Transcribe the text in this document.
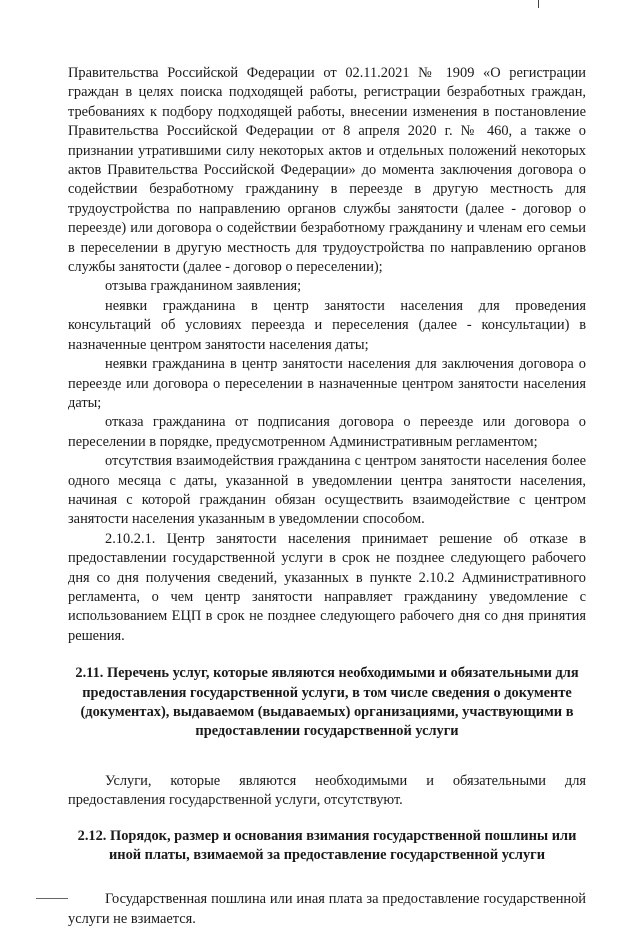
Правительства Российской Федерации от 02.11.2021 № 1909 «О регистрации граждан в целях поиска подходящей работы, регистрации безработных граждан, требованиях к подбору подходящей работы, внесении изменения в постановление Правительства Российской Федерации от 8 апреля 2020 г. № 460, а также о признании утратившими силу некоторых актов и отдельных положений некоторых актов Правительства Российской Федерации» до момента заключения договора о содействии безработному гражданину в переезде в другую местность для трудоустройства по направлению органов службы занятости (далее - договор о переезде) или договора о содействии безработному гражданину и членам его семьи в переселении в другую местность для трудоустройства по направлению органов службы занятости (далее - договор о переселении);

отзыва гражданином заявления;

неявки гражданина в центр занятости населения для проведения консультаций об условиях переезда и переселения (далее - консультации) в назначенные центром занятости населения даты;

неявки гражданина в центр занятости населения для заключения договора о переезде или договора о переселении в назначенные центром занятости населения даты;

отказа гражданина от подписания договора о переезде или договора о переселении в порядке, предусмотренном Административным регламентом;

отсутствия взаимодействия гражданина с центром занятости населения более одного месяца с даты, указанной в уведомлении центра занятости населения, начиная с которой гражданин обязан осуществить взаимодействие с центром занятости населения указанным в уведомлении способом.

2.10.2.1. Центр занятости населения принимает решение об отказе в предоставлении государственной услуги в срок не позднее следующего рабочего дня со дня получения сведений, указанных в пункте 2.10.2 Административного регламента, о чем центр занятости направляет гражданину уведомление с использованием ЕЦП в срок не позднее следующего рабочего дня со дня принятия решения.

2.11. Перечень услуг, которые являются необходимыми и обязательными для предоставления государственной услуги, в том числе сведения о документе (документах), выдаваемом (выдаваемых) организациями, участвующими в предоставлении государственной услуги

Услуги, которые являются необходимыми и обязательными для предоставления государственной услуги, отсутствуют.

2.12. Порядок, размер и основания взимания государственной пошлины или иной платы, взимаемой за предоставление государственной услуги

Государственная пошлина или иная плата за предоставление государственной услуги не взимается.
